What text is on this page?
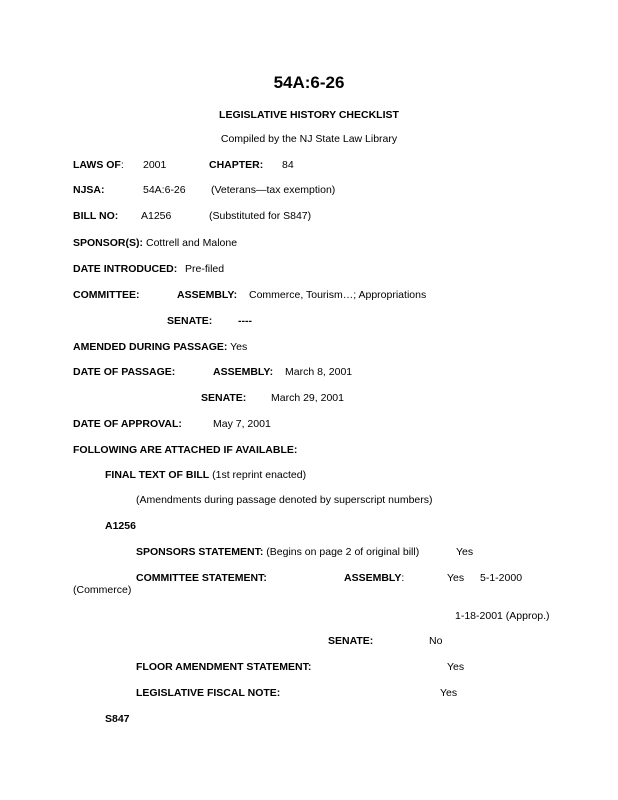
54A:6-26
LEGISLATIVE HISTORY CHECKLIST
Compiled by the NJ State Law Library
LAWS OF: 2001	CHAPTER: 84
NJSA:	54A:6-26 (Veterans—tax exemption)
BILL NO: A1256	(Substituted for S847)
SPONSOR(S): Cottrell and Malone
DATE INTRODUCED: Pre-filed
COMMITTEE:	ASSEMBLY: Commerce, Tourism…; Appropriations
SENATE: ----
AMENDED DURING PASSAGE: Yes
DATE OF PASSAGE:	ASSEMBLY: March 8, 2001
SENATE: March 29, 2001
DATE OF APPROVAL:	May 7, 2001
FOLLOWING ARE ATTACHED IF AVAILABLE:
FINAL TEXT OF BILL (1st reprint enacted)
(Amendments during passage denoted by superscript numbers)
A1256
SPONSORS STATEMENT: (Begins on page 2 of original bill)	Yes
COMMITTEE STATEMENT:	ASSEMBLY:	Yes 5-1-2000
(Commerce)
1-18-2001 (Approp.)
SENATE:	No
FLOOR AMENDMENT STATEMENT:	Yes
LEGISLATIVE FISCAL NOTE:	Yes
S847
